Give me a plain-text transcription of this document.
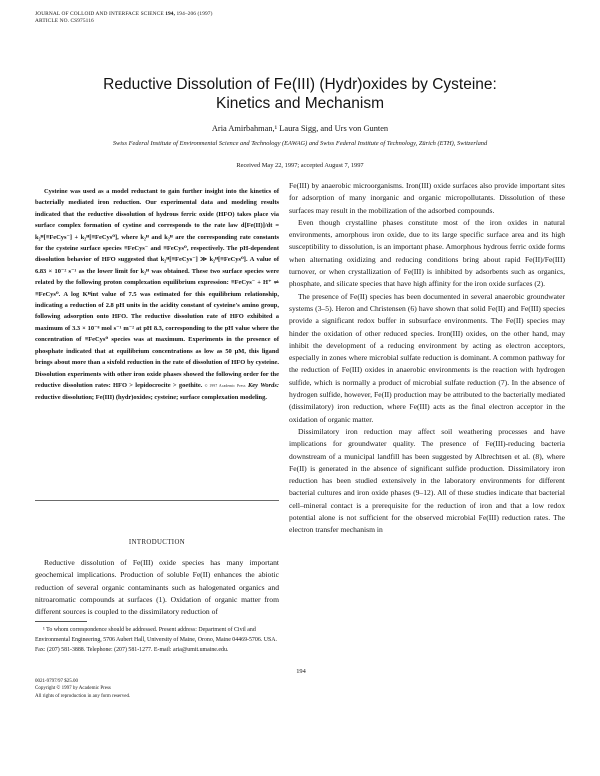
JOURNAL OF COLLOID AND INTERFACE SCIENCE 194, 194–206 (1997)
ARTICLE NO. CS975116
Reductive Dissolution of Fe(III) (Hydr)oxides by Cysteine:
Kinetics and Mechanism
Aria Amirbahman,¹ Laura Sigg, and Urs von Gunten
Swiss Federal Institute of Environmental Science and Technology (EAWAG) and Swiss Federal Institute of Technology, Zürich (ETH), Switzerland
Received May 22, 1997; accepted August 7, 1997
Cysteine was used as a model reductant to gain further insight into the kinetics of bacterially mediated iron reduction. Our experimental data and modeling results indicated that the reductive dissolution of hydrous ferric oxide (HFO) takes place via surface complex formation of cystine and corresponds to the rate law d[Fe(II)]/dt = k₂ᴴ[≡FeCys⁻] + k₂ᴴ[≡FeCys⁰], where k₂ᴴ and k₂ᴴ are the corresponding rate constants for the cysteine surface species ≡FeCys⁻ and ≡FeCys⁰, respectively. The pH-dependent dissolution behavior of HFO suggested that k₂ᴴ[≡FeCys⁻] ≫ k₂ᴴ[≡FeCys⁰]. A value of 6.83 × 10⁻² s⁻¹ as the lower limit for k₂ᴴ was obtained. These two surface species were related by the following proton complexation equilibrium expression: ≡FeCys⁻ + H⁺ ⇌ ≡FeCys⁰. A log Kᴴint value of 7.5 was estimated for this equilibrium relationship, indicating a reduction of 2.8 pH units in the acidity constant of cysteine's amino group, following adsorption onto HFO. The reductive dissolution rate of HFO exhibited a maximum of 3.3 × 10⁻⁸ mol s⁻¹ m⁻² at pH 8.3, corresponding to the pH value where the concentration of ≡FeCys⁰ species was at maximum. Experiments in the presence of phosphate indicated that at equilibrium concentrations as low as 50 μM, this ligand brings about more than a sixfold reduction in the rate of dissolution of HFO by cysteine. Dissolution experiments with other iron oxide phases showed the following order for the reductive dissolution rates: HFO > lepidocrocite > goethite. © 1997 Academic Press Key Words: reductive dissolution; Fe(III) (hydr)oxides; cysteine; surface complexation modeling.
INTRODUCTION
Reductive dissolution of Fe(III) oxide species has many important geochemical implications. Production of soluble Fe(II) enhances the abiotic reduction of several organic contaminants such as halogenated organics and nitroaromatic compounds at surfaces (1). Oxidation of organic matter from different sources is coupled to the dissimilatory reduction of
¹ To whom correspondence should be addressed. Present address: Department of Civil and Environmental Engineering, 5706 Aubert Hall, University of Maine, Orono, Maine 04469-5706. USA. Fax: (207) 581-3888. Telephone: (207) 581-1277. E-mail: aria@umit.umaine.edu.
194
0021-9797/97 $25.00
Copyright © 1997 by Academic Press
All rights of reproduction in any form reserved.

Fe(III) by anaerobic microorganisms. Iron(III) oxide surfaces also provide important sites for adsorption of many inorganic and organic micropollutants. Dissolution of these surfaces may result in the mobilization of the adsorbed compounds.

Even though crystalline phases constitute most of the iron oxides in natural environments, amorphous iron oxide, due to its large specific surface area and its high susceptibility to dissolution, is an important phase. Amorphous hydrous ferric oxide forms when alternating oxidizing and reducing conditions bring about rapid Fe(II)/Fe(III) turnover, or when crystallization of Fe(III) is inhibited by adsorbents such as organics, phosphate, and silicate species that have high affinity for the iron oxide surfaces (2).

The presence of Fe(II) species has been documented in several anaerobic groundwater systems (3–5). Heron and Christensen (6) have shown that solid Fe(II) and Fe(III) species provide a significant redox buffer in subsurface environments. The Fe(II) species may hinder the oxidation of other reduced species. Iron(III) oxides, on the other hand, may inhibit the development of a reducing environment by acting as electron acceptors, especially in zones where microbial sulfate reduction is dominant. A common pathway for the reduction of Fe(III) oxides in anaerobic environments is the reaction with hydrogen sulfide, which is normally a product of microbial sulfate reduction (7). In the absence of hydrogen sulfide, however, Fe(II) production may be attributed to the bacterially mediated (dissimilatory) iron reduction, where Fe(III) acts as the final electron acceptor in the oxidation of organic matter.

Dissimilatory iron reduction may affect soil weathering processes and have implications for groundwater quality. The presence of Fe(III)-reducing bacteria downstream of a municipal landfill has been suggested by Albrechtsen et al. (8), where Fe(II) is generated in the absence of significant sulfide production. Dissimilatory iron reduction has been studied extensively in the laboratory environments for different bacterial cultures and iron oxide phases (9–12). All of these studies indicate that bacterial cell–mineral contact is a prerequisite for the reduction of iron and that a low redox potential alone is not sufficient for the observed microbial Fe(III) reduction rates. The electron transfer mechanism in
